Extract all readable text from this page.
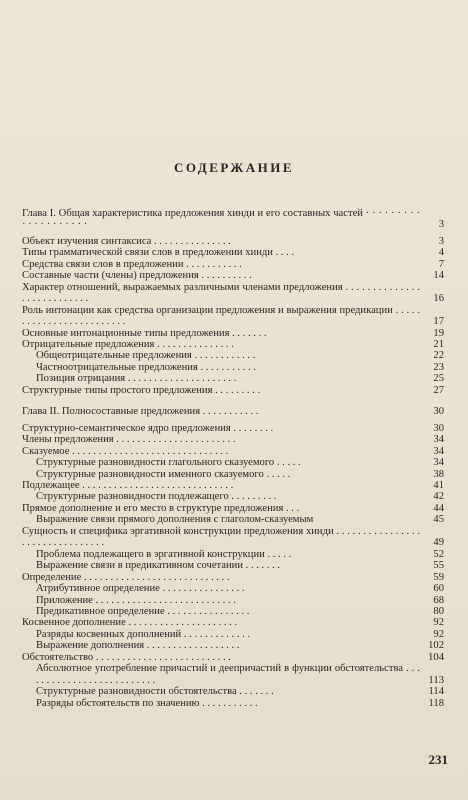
СОДЕРЖАНИЕ
Глава I. Общая характеристика предложения хинди и его составных частей · · · · · · · · · · · · · · · · · · · ·	3
Объект изучения синтаксиса . . . . . . . . . . . . . . .	3
Типы грамматической связи слов в предложении хинди . . . .	4
Средства связи слов в предложении . . . . . . . . . . .	7
Составные части (члены) предложения . . . . . . . . . .	14
Характер отношений, выражаемых различными членами предложения . . . . . . . . . . . . . . . . . . . . . . . . . . .	16
Роль интонации как средства организации предложения и выражения предикации . . . . . . . . . . . . . . . . . . . . . . . . .	17
Основные интонационные типы предложения . . . . . . .	19
Отрицательные предложения . . . . . . . . . . . . . . .	21
Общеотрицательные предложения . . . . . . . . . . . .	22
Частноотрицательные предложения . . . . . . . . . . .	23
Позиция отрицания . . . . . . . . . . . . . . . . . . . . .	25
Структурные типы простого предложения . . . . . . . . .	27
Глава II. Полносоставные предложения . . . . . . . . . . .	30
Структурно-семантическое ядро предложения . . . . . . . .	30
Члены предложения . . . . . . . . . . . . . . . . . . . . . . .	34
Сказуемое . . . . . . . . . . . . . . . . . . . . . . . . . . . . . .	34
Структурные разновидности глагольного сказуемого . . . . .	34
Структурные разновидности именного сказуемого . . . . .	38
Подлежащее . . . . . . . . . . . . . . . . . . . . . . . . . . . . .	41
Структурные разновидности подлежащего . . . . . . . . .	42
Прямое дополнение и его место в структуре предложения . . .	44
Выражение связи прямого дополнения с глаголом-сказуемым	45
Сущность и специфика эргативной конструкции предложения хинди . . . . . . . . . . . . . . . . . . . . . . . . . . . . . . . .	49
Проблема подлежащего в эргативной конструкции . . . . .	52
Выражение связи в предикативном сочетании . . . . . . .	55
Определение . . . . . . . . . . . . . . . . . . . . . . . . . . . .	59
Атрибутивное определение . . . . . . . . . . . . . . . .	60
Приложение . . . . . . . . . . . . . . . . . . . . . . . . . . .	68
Предикативное определение . . . . . . . . . . . . . . . .	80
Косвенное дополнение . . . . . . . . . . . . . . . . . . . . .	92
Разряды косвенных дополнений . . . . . . . . . . . . .	92
Выражение дополнения . . . . . . . . . . . . . . . . . .	102
Обстоятельство . . . . . . . . . . . . . . . . . . . . . . . . . .	104
Абсолютное употребление причастий и деепричастий в функции обстоятельства . . . . . . . . . . . . . . . . . . . . . . . . . .	113
Структурные разновидности обстоятельства . . . . . . .	114
Разряды обстоятельств по значению . . . . . . . . . . .	118
231
